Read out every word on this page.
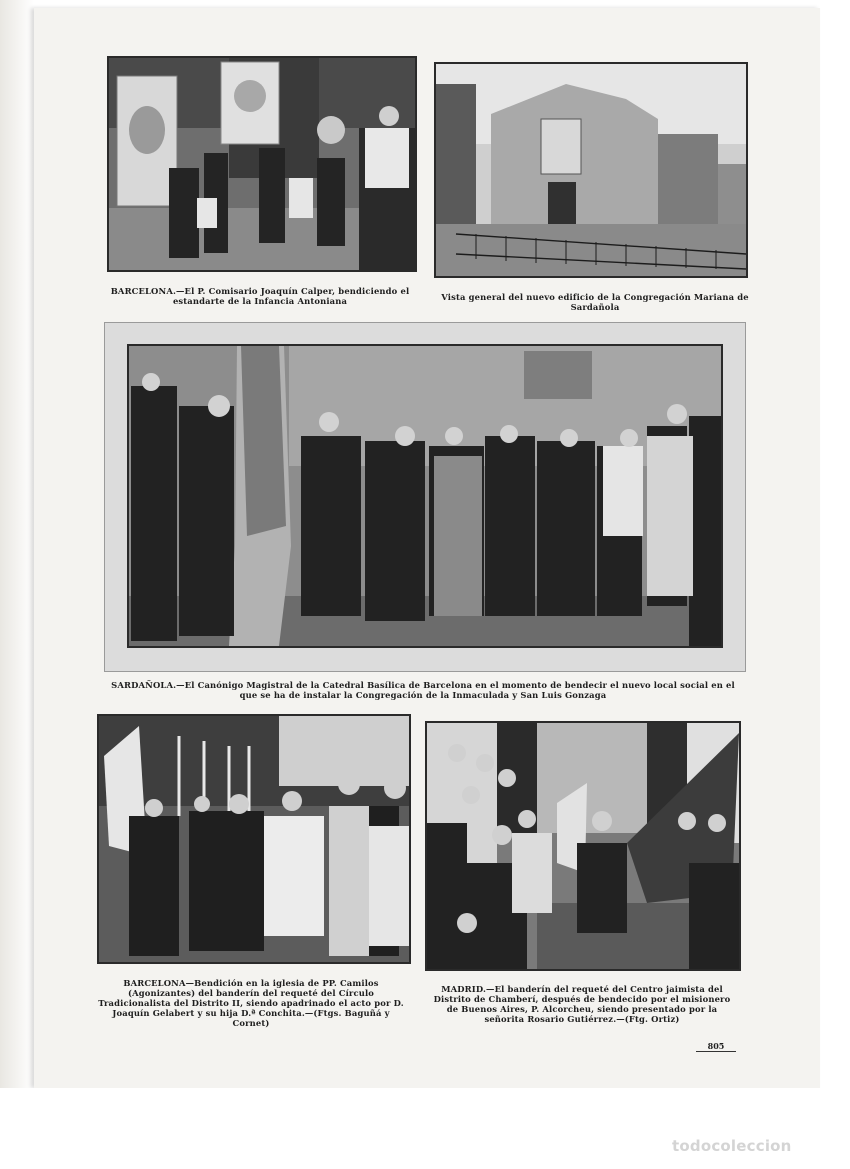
BARCELONA.—El P. Comisario Joaquín Calper, bendiciendo el estandarte de la Infancia Antoniana	Vista general del nuevo edificio de la Congregación Mariana de Sardañola
SARDAÑOLA.—El Canónigo Magistral de la Catedral Basílica de Barcelona en el momento de bendecir el nuevo local social en el que se ha de instalar la Congregación de la Inmaculada y San Luis Gonzaga
BARCELONA—Bendición en la iglesia de PP. Camilos (Agonizantes) del banderín del requeté del Círculo Tradicionalista del Distrito II, siendo apadrinado el acto por D. Joaquín Gelabert y su hija D.ª Conchita.—(Ftgs. Baguñá y Cornet)
MADRID.—El banderín del requeté del Centro jaimista del Distrito de Chamberí, después de bendecido por el misionero de Buenos Aires, P. Alcorcheu, siendo presentado por la señorita Rosario Gutiérrez.—(Ftg. Ortiz)
805
todocoleccion
